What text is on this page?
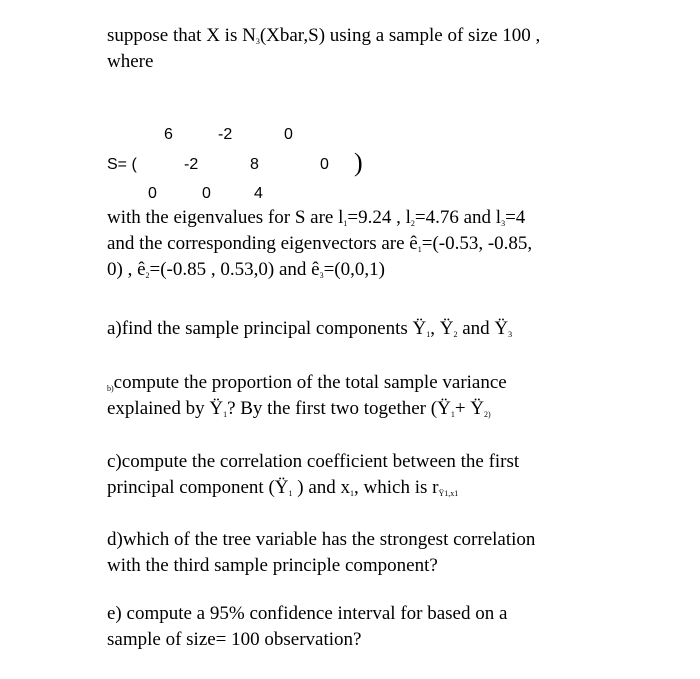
suppose that X is $N_3(Xbar,S)$ using a sample of size 100 ,
where
6	-2	0
S= (	-2	8	0 )
0	0	4
with the eigenvalues for S are $l_1=9.24$ , $l_2=4.76$ and $l_3=4$
and the corresponding eigenvectors are $ê_1=(-0.53$, -0.85,
0) , $ê_2=(-0.85$ , 0.53,0) and $ê_3=(0,0,1)$
a)find the sample principal components $Ÿ_1$, $Ÿ_2$ and $Ÿ_3$
$_{b)}$compute the proportion of the total sample variance
explained by $Ÿ_1$? By the first two together ($Ÿ_1+$ $Ÿ_{2)}$
c)compute the correlation coefficient between the first
principal component ($Ÿ_1$ ) and $x_1$, which is $r_{Ÿ1,x1}$
d)which of the tree variable has the strongest correlation
with the third sample principle component?
e) compute a 95% confidence interval for based on a
sample of size= 100 observation?
